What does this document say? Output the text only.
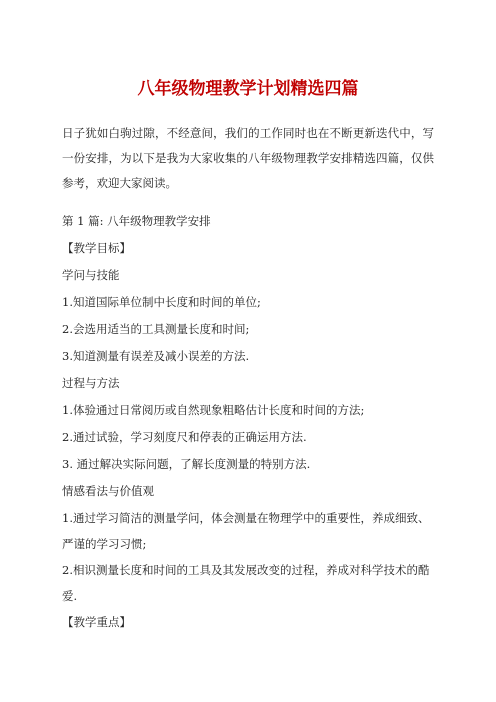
八年级物理教学计划精选四篇

日子犹如白驹过隙，不经意间，我们的工作同时也在不断更新迭代中，写一份安排，为以下是我为大家收集的八年级物理教学安排精选四篇，仅供参考，欢迎大家阅读。

第 1 篇: 八年级物理教学安排

【教学目标】

学问与技能

1.知道国际单位制中长度和时间的单位;

2.会选用适当的工具测量长度和时间;

3.知道测量有误差及减小误差的方法.

过程与方法

1.体验通过日常阅历或自然现象粗略估计长度和时间的方法;

2.通过试验，学习刻度尺和停表的正确运用方法.

3. 通过解决实际问题，了解长度测量的特别方法.

情感看法与价值观

1.通过学习简洁的测量学问，体会测量在物理学中的重要性，养成细致、严谨的学习习惯;

2.相识测量长度和时间的工具及其发展改变的过程，养成对科学技术的酷爱.

【教学重点】
